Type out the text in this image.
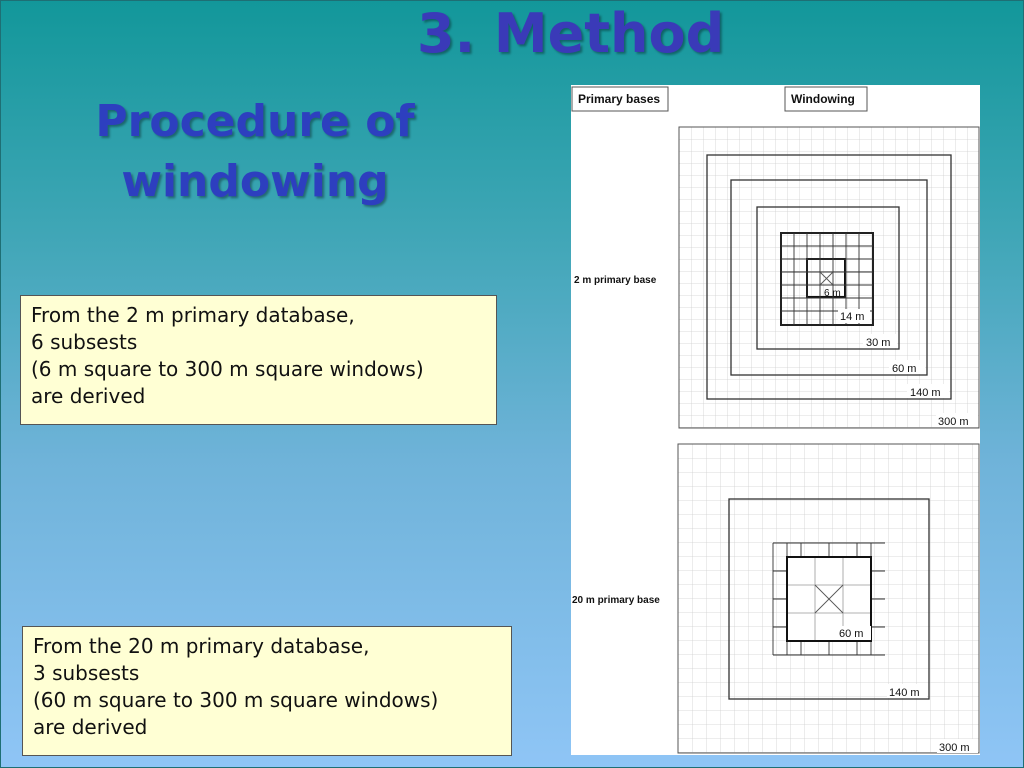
3. Method
Procedure of
windowing
From the 2 m primary database,
6 subsests
(6 m square to 300 m square windows)
are derived
From the 20 m primary database,
3 subsests
(60 m square to 300 m square windows)
are derived
Primary bases	Windowing
2 m primary base
6 m
14 m
30 m
60 m
140 m
300 m
20 m primary base
60 m
140 m
300 m
